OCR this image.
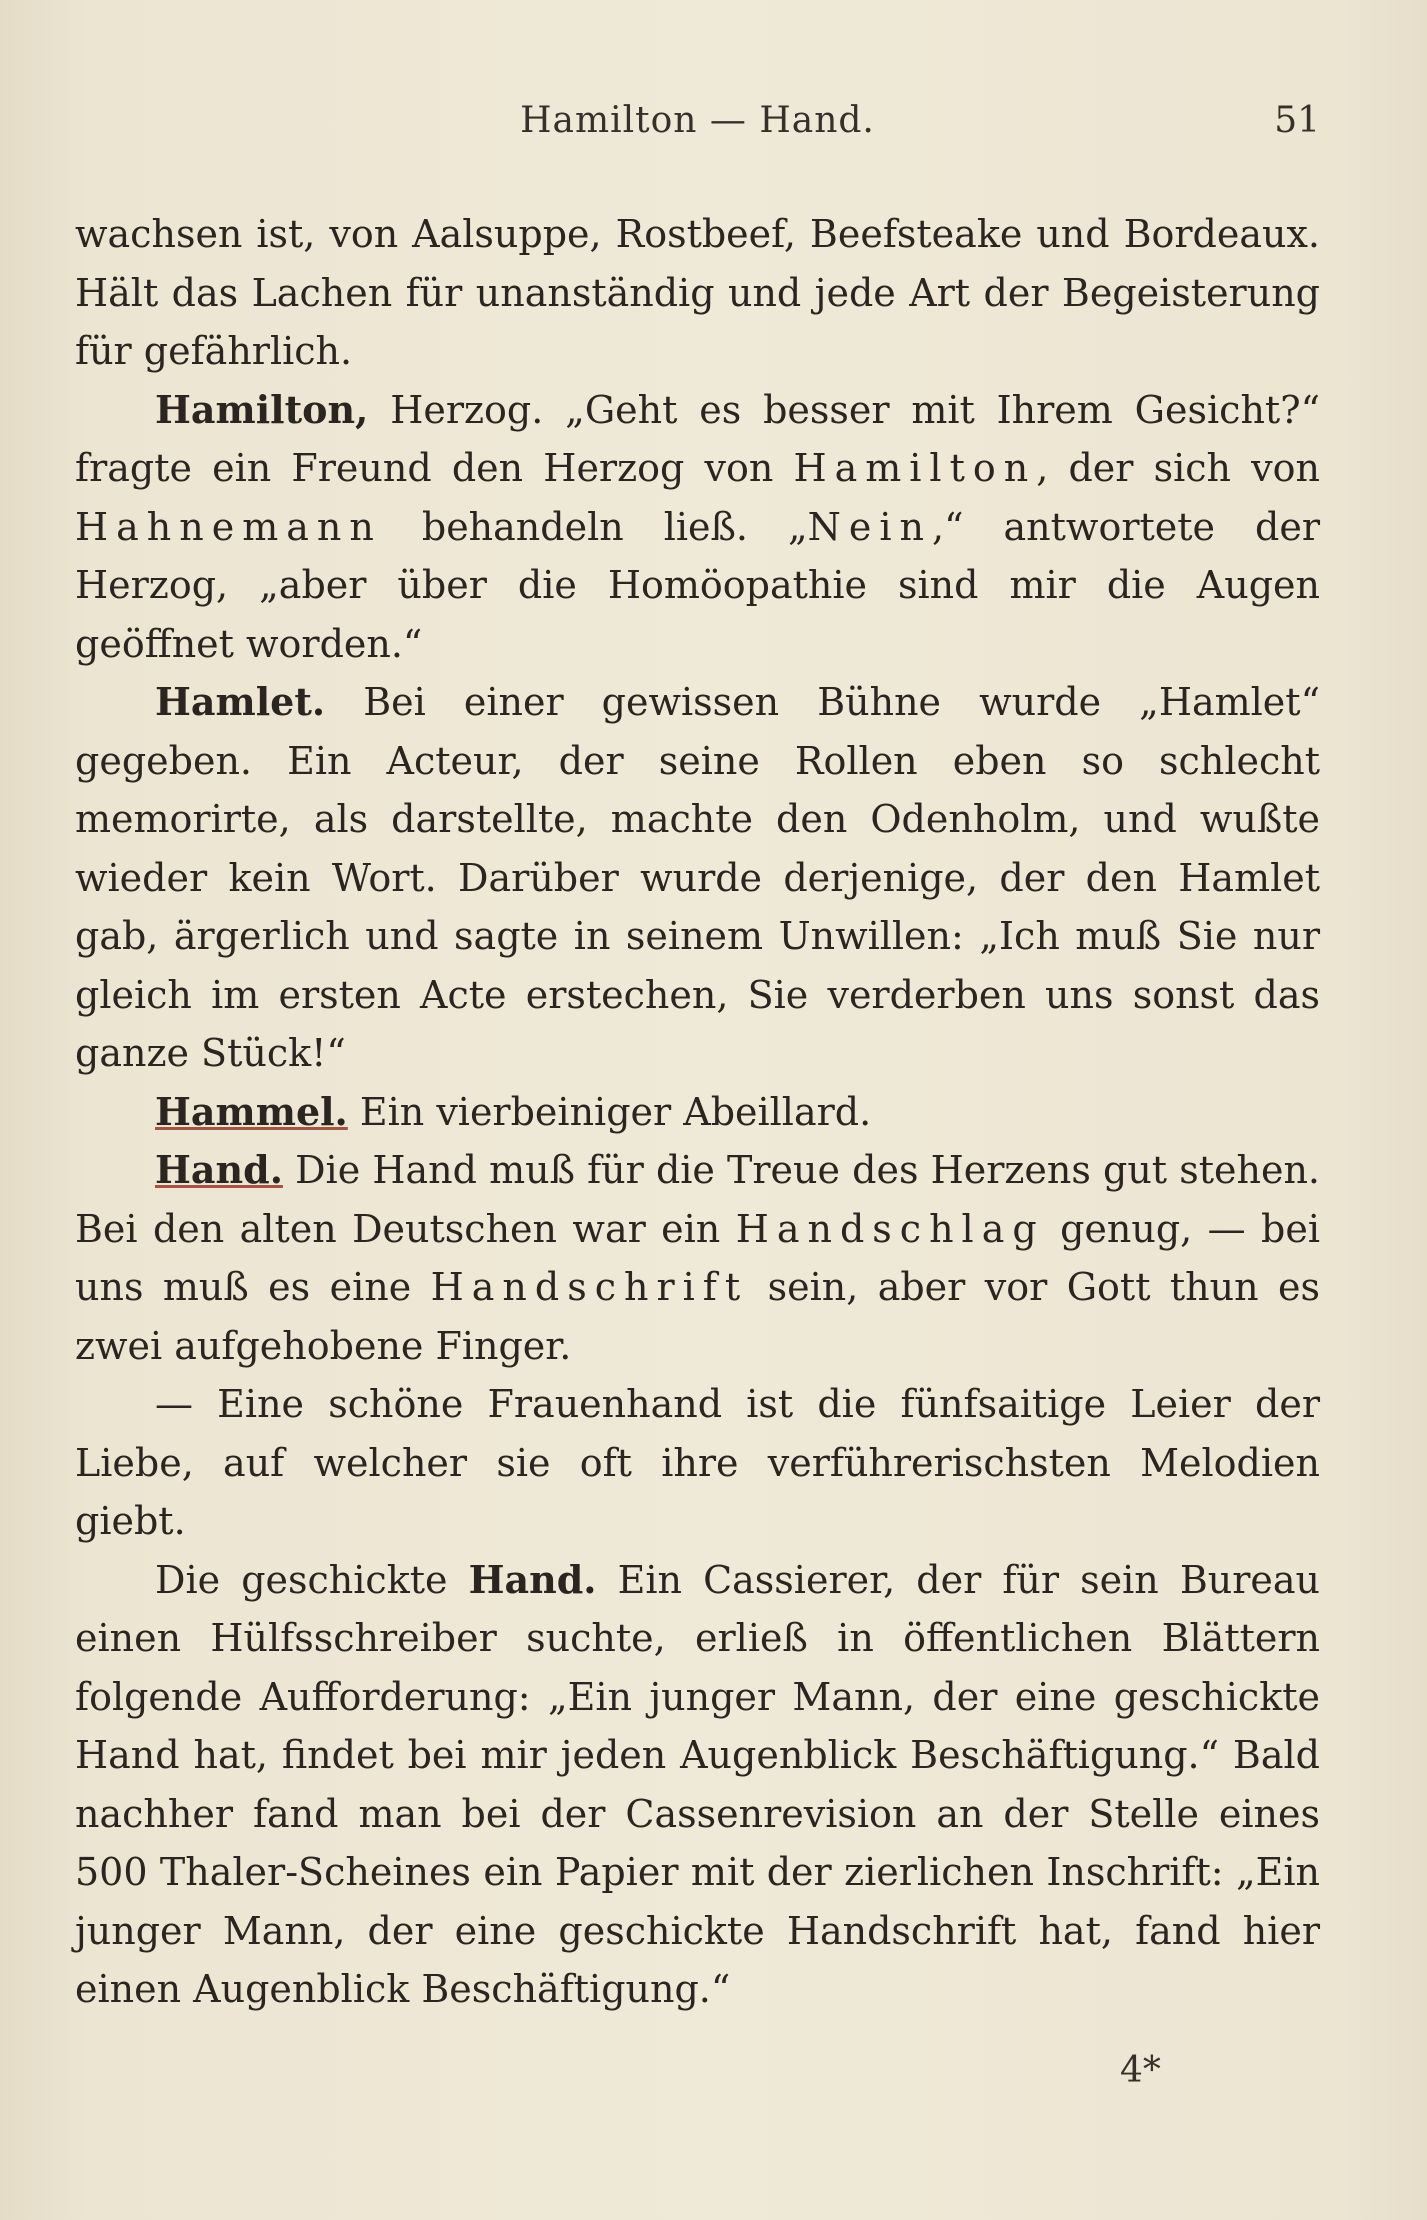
Hamilton — Hand.	51

wachsen ist, von Aalsuppe, Rostbeef, Beefsteake und Bordeaux. Hält das Lachen für unanständig und jede Art der Begeisterung für gefährlich.

Hamilton, Herzog. „Geht es besser mit Ihrem Gesicht?“ fragte ein Freund den Herzog von Hamilton, der sich von Hahnemann behandeln ließ. „Nein,“ antwortete der Herzog, „aber über die Homöopathie sind mir die Augen geöffnet worden.“

Hamlet. Bei einer gewissen Bühne wurde „Hamlet“ gegeben. Ein Acteur, der seine Rollen eben so schlecht memorirte, als darstellte, machte den Odenholm, und wußte wieder kein Wort. Darüber wurde derjenige, der den Hamlet gab, ärgerlich und sagte in seinem Unwillen: „Ich muß Sie nur gleich im ersten Acte erstechen, Sie verderben uns sonst das ganze Stück!“

Hammel. Ein vierbeiniger Abeillard.

Hand. Die Hand muß für die Treue des Herzens gut stehen. Bei den alten Deutschen war ein Handschlag genug, — bei uns muß es eine Handschrift sein, aber vor Gott thun es zwei aufgehobene Finger.

— Eine schöne Frauenhand ist die fünfsaitige Leier der Liebe, auf welcher sie oft ihre verführerischsten Melodien giebt.

Die geschickte Hand. Ein Cassierer, der für sein Bureau einen Hülfsschreiber suchte, erließ in öffentlichen Blättern folgende Aufforderung: „Ein junger Mann, der eine geschickte Hand hat, findet bei mir jeden Augenblick Beschäftigung.“ Bald nachher fand man bei der Cassenrevision an der Stelle eines 500 Thaler-Scheines ein Papier mit der zierlichen Inschrift: „Ein junger Mann, der eine geschickte Handschrift hat, fand hier einen Augenblick Beschäftigung.“

4*
